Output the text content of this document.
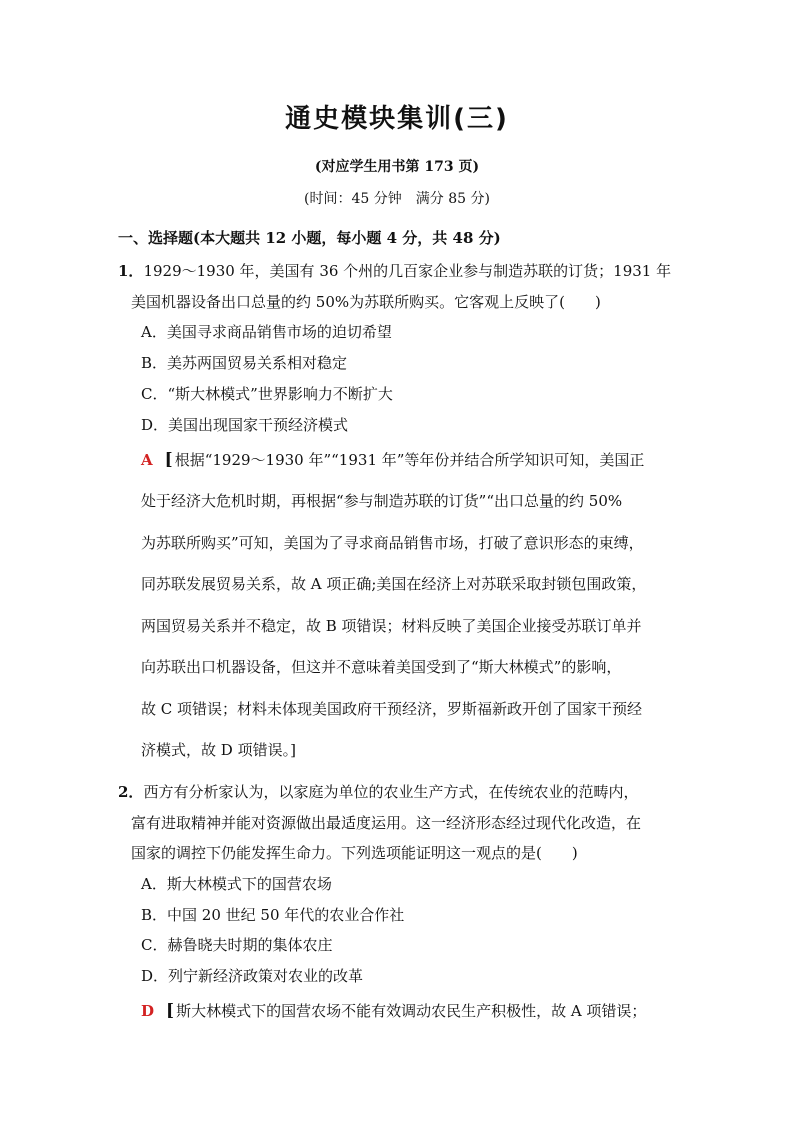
通史模块集训(三)
(对应学生用书第 173 页)
(时间：45 分钟　满分 85 分)
一、选择题(本大题共 12 小题，每小题 4 分，共 48 分)
1．1929～1930 年，美国有 36 个州的几百家企业参与制造苏联的订货；1931 年
美国机器设备出口总量的约 50%为苏联所购买。它客观上反映了(　　)
A．美国寻求商品销售市场的迫切希望
B．美苏两国贸易关系相对稳定
C．“斯大林模式”世界影响力不断扩大
D．美国出现国家干预经济模式
A [ 根据“1929～1930 年”“1931 年”等年份并结合所学知识可知，美国正
处于经济大危机时期，再根据“参与制造苏联的订货”“出口总量的约 50%
为苏联所购买”可知，美国为了寻求商品销售市场，打破了意识形态的束缚，
同苏联发展贸易关系，故 A 项正确;美国在经济上对苏联采取封锁包围政策，
两国贸易关系并不稳定，故 B 项错误；材料反映了美国企业接受苏联订单并
向苏联出口机器设备，但这并不意味着美国受到了“斯大林模式”的影响，
故 C 项错误；材料未体现美国政府干预经济，罗斯福新政开创了国家干预经
济模式，故 D 项错误。]
2．西方有分析家认为，以家庭为单位的农业生产方式，在传统农业的范畴内，
富有进取精神并能对资源做出最适度运用。这一经济形态经过现代化改造，在
国家的调控下仍能发挥生命力。下列选项能证明这一观点的是(　　)
A．斯大林模式下的国营农场
B．中国 20 世纪 50 年代的农业合作社
C．赫鲁晓夫时期的集体农庄
D．列宁新经济政策对农业的改革
D [ 斯大林模式下的国营农场不能有效调动农民生产积极性，故 A 项错误；
